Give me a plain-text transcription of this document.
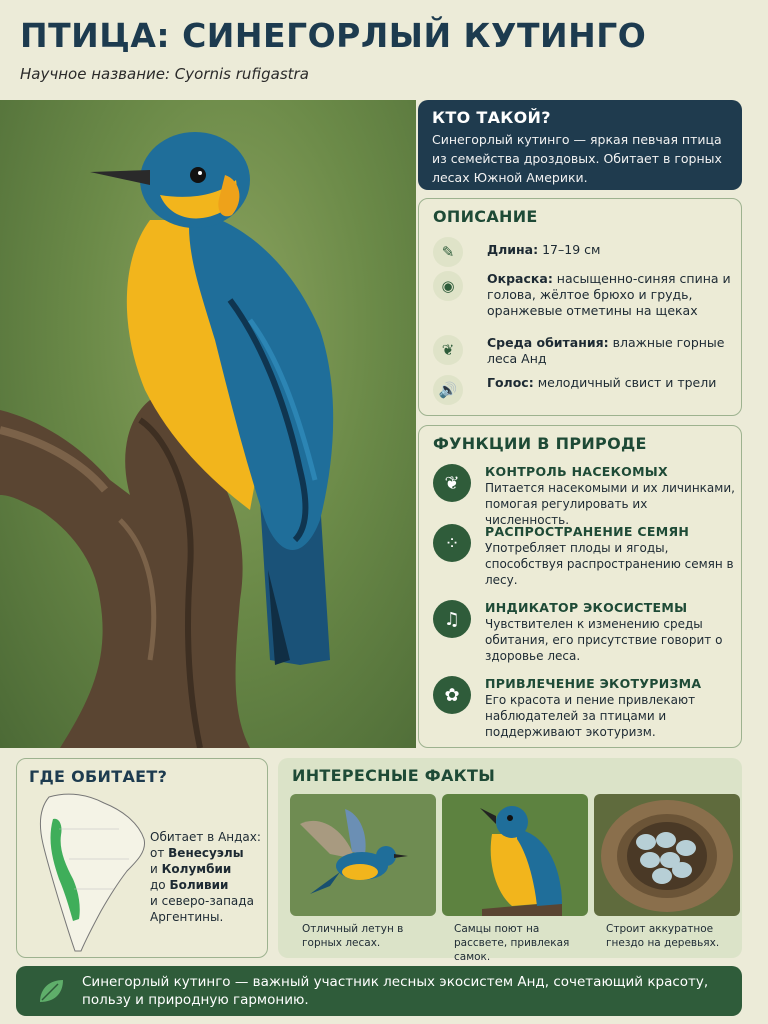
ПТИЦА: СИНЕГОРЛЫЙ КУТИНГО
Научное название: Cyornis rufigastra
КТО ТАКОЙ?
Синегорлый кутинго — яркая певчая птица из семейства дроздовых. Обитает в горных лесах Южной Америки.
ОПИСАНИЕ
✎	Длина: 17–19 см
◉	Окраска: насыщенно-синяя спина и голова, жёлтое брюхо и грудь, оранжевые отметины на щеках
❦	Среда обитания: влажные горные леса Анд
🔊	Голос: мелодичный свист и трели
ФУНКЦИИ В ПРИРОДЕ
❦
КОНТРОЛЬ НАСЕКОМЫХ
Питается насекомыми и их личинками, помогая регулировать их численность.
⁘
РАСПРОСТРАНЕНИЕ СЕМЯН
Употребляет плоды и ягоды, способствуя распространению семян в лесу.
♫
ИНДИКАТОР ЭКОСИСТЕМЫ
Чувствителен к изменению среды обитания, его присутствие говорит о здоровье леса.
✿
ПРИВЛЕЧЕНИЕ ЭКОТУРИЗМА
Его красота и пение привлекают наблюдателей за птицами и поддерживают экотуризм.
ГДЕ ОБИТАЕТ?
Обитает в Андах:
от Венесуэлы
и Колумбии
до Боливии
и северо-запада Аргентины.
ИНТЕРЕСНЫЕ ФАКТЫ
Отличный летун в горных лесах.
Самцы поют на рассвете, привлекая самок.
Строит аккуратное гнездо на деревьях.
Синегорлый кутинго — важный участник лесных экосистем Анд, сочетающий красоту, пользу и природную гармонию.
